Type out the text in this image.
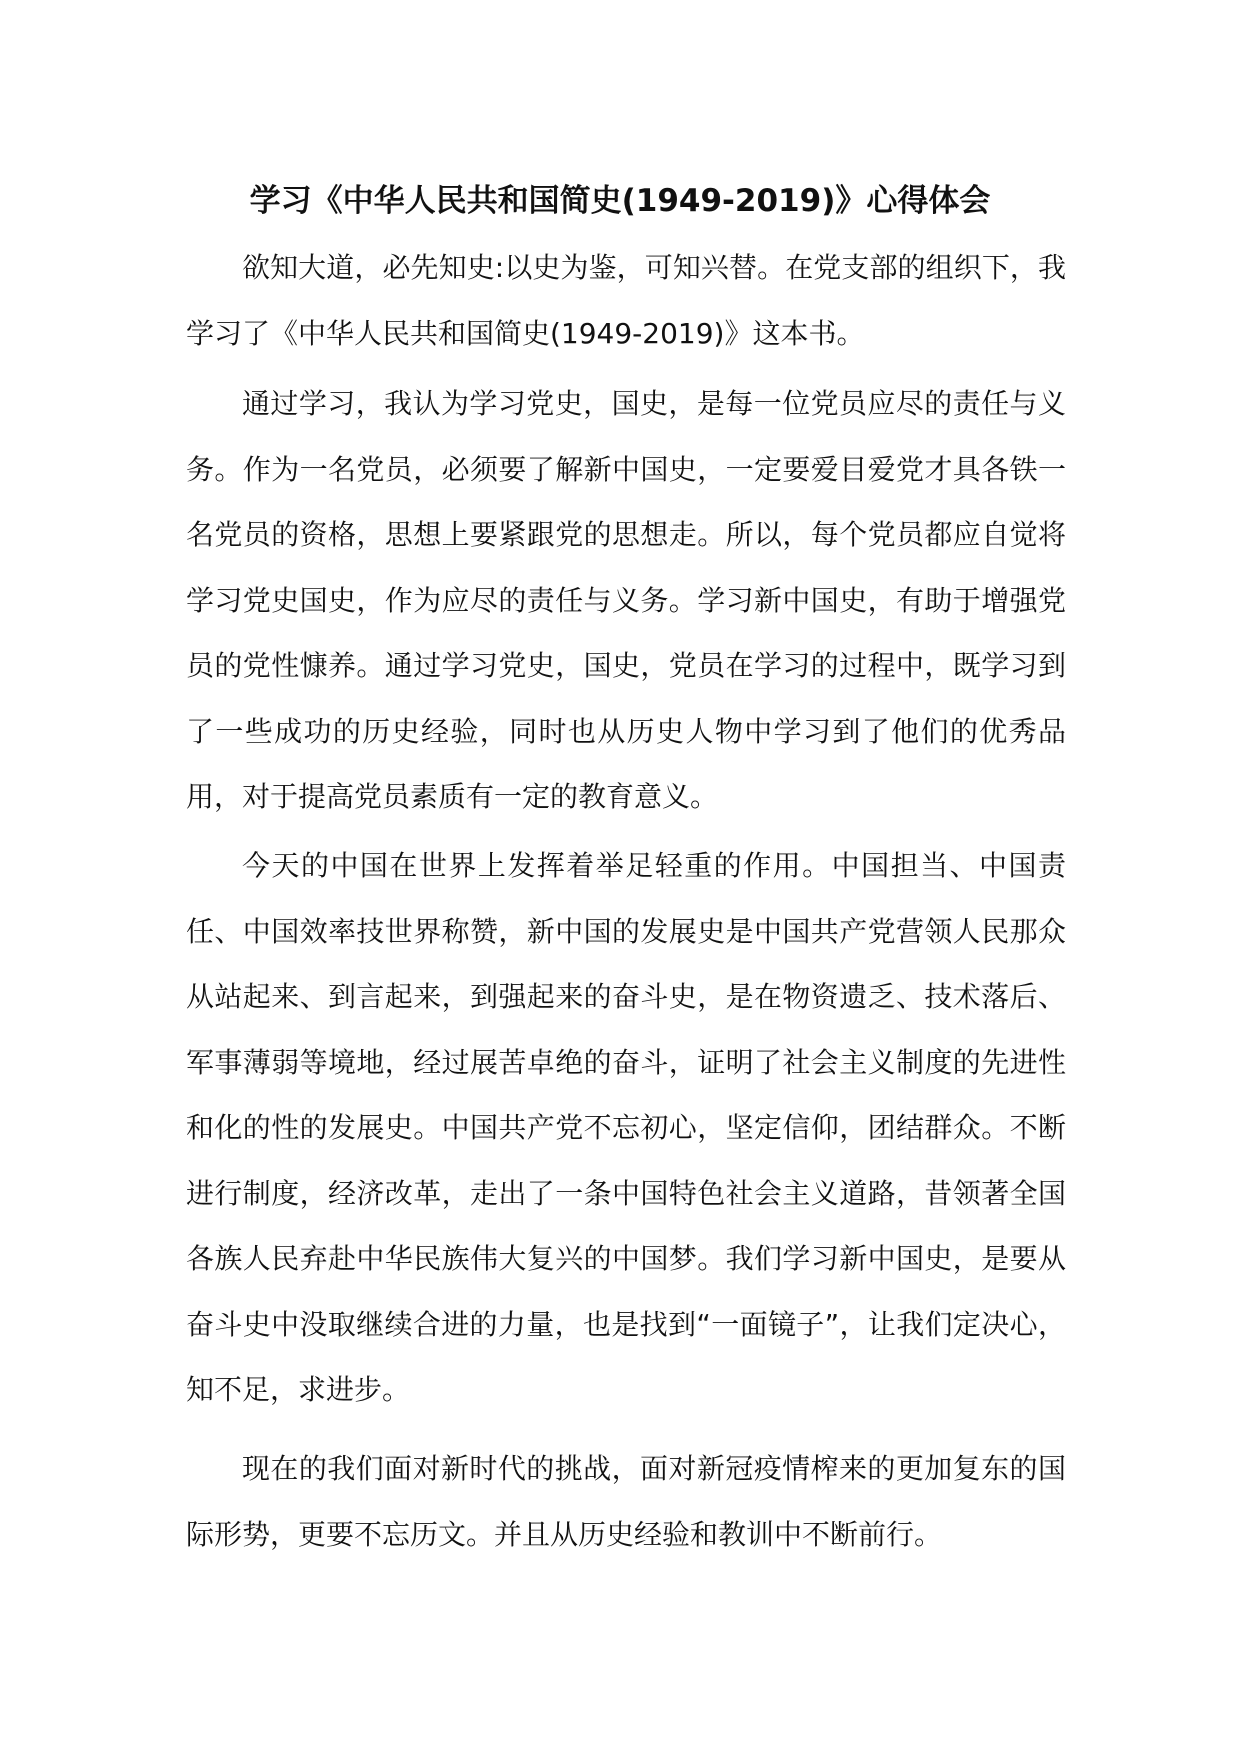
学习《中华人民共和国简史(1949-2019)》心得体会

欲知大道，必先知史:以史为鉴，可知兴替。在党支部的组织下，我学习了《中华人民共和国简史(1949-2019)》这本书。

通过学习，我认为学习党史，国史，是每一位党员应尽的责任与义务。作为一名党员，必须要了解新中国史，一定要爱目爱党才具各铁一名党员的资格，思想上要紧跟党的思想走。所以，每个党员都应自觉将学习党史国史，作为应尽的责任与义务。学习新中国史，有助于增强党员的党性慷养。通过学习党史，国史，党员在学习的过程中，既学习到了一些成功的历史经验，同时也从历史人物中学习到了他们的优秀品用，对于提高党员素质有一定的教育意义。

今天的中国在世界上发挥着举足轻重的作用。中国担当、中国责任、中国效率技世界称赞，新中国的发展史是中国共产党营领人民那众从站起来、到言起来，到强起来的奋斗史，是在物资遗乏、技术落后、军事薄弱等境地，经过展苦卓绝的奋斗，证明了社会主义制度的先进性和化的性的发展史。中国共产党不忘初心，坚定信仰，团结群众。不断进行制度，经济改革，走出了一条中国特色社会主义道路，昔领著全国各族人民弃赴中华民族伟大复兴的中国梦。我们学习新中国史，是要从奋斗史中没取继续合进的力量，也是找到“一面镜子”，让我们定决心，知不足，求进步。

现在的我们面对新时代的挑战，面对新冠疫情榨来的更加复东的国际形势，更要不忘历文。并且从历史经验和教训中不断前行。
